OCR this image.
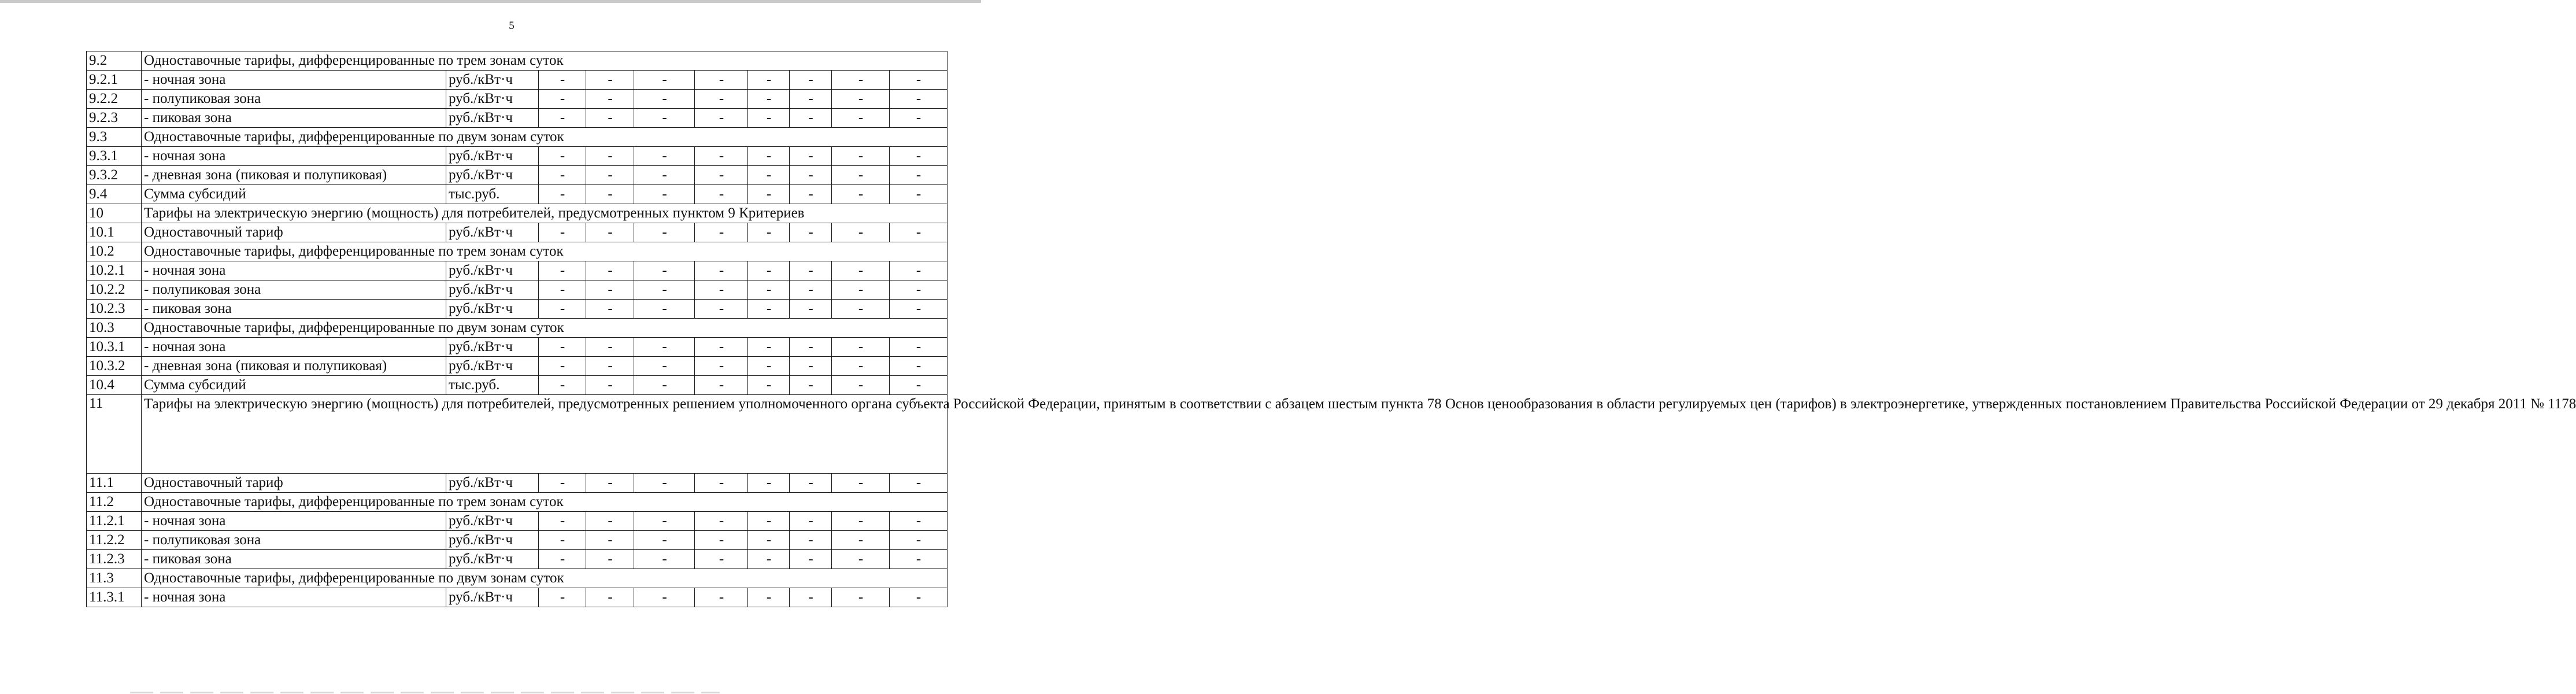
5
9.2	Одноставочные тарифы, дифференцированные по трем зонам суток									
9.2.1	- ночная зона	руб./кВт·ч	-	-	-	-	-	-	-	-
9.2.2	- полупиковая зона	руб./кВт·ч	-	-	-	-	-	-	-	-
9.2.3	- пиковая зона	руб./кВт·ч	-	-	-	-	-	-	-	-
9.3	Одноставочные тарифы, дифференцированные по двум зонам суток									
9.3.1	- ночная зона	руб./кВт·ч	-	-	-	-	-	-	-	-
9.3.2	- дневная зона (пиковая и полупиковая)	руб./кВт·ч	-	-	-	-	-	-	-	-
9.4	Сумма субсидий	тыс.руб.	-	-	-	-	-	-	-	-
10	Тарифы на электрическую энергию (мощность) для потребителей, предусмотренных пунктом 9 Критериев									
10.1	Одноставочный тариф	руб./кВт·ч	-	-	-	-	-	-	-	-
10.2	Одноставочные тарифы, дифференцированные по трем зонам суток									
10.2.1	- ночная зона	руб./кВт·ч	-	-	-	-	-	-	-	-
10.2.2	- полупиковая зона	руб./кВт·ч	-	-	-	-	-	-	-	-
10.2.3	- пиковая зона	руб./кВт·ч	-	-	-	-	-	-	-	-
10.3	Одноставочные тарифы, дифференцированные по двум зонам суток									
10.3.1	- ночная зона	руб./кВт·ч	-	-	-	-	-	-	-	-
10.3.2	- дневная зона (пиковая и полупиковая)	руб./кВт·ч	-	-	-	-	-	-	-	-
10.4	Сумма субсидий	тыс.руб.	-	-	-	-	-	-	-	-
11	Тарифы на электрическую энергию (мощность) для потребителей, предусмотренных решением уполномоченного органа субъекта Российской Федерации, принятым в соответствии с абзацем шестым пункта 78 Основ ценообразования в области регулируемых цен (тарифов) в электроэнергетике, утвержденных постановлением Правительства Российской Федерации от 29 декабря 2011 № 1178									
11.1	Одноставочный тариф	руб./кВт·ч	-	-	-	-	-	-	-	-
11.2	Одноставочные тарифы, дифференцированные по трем зонам суток									
11.2.1	- ночная зона	руб./кВт·ч	-	-	-	-	-	-	-	-
11.2.2	- полупиковая зона	руб./кВт·ч	-	-	-	-	-	-	-	-
11.2.3	- пиковая зона	руб./кВт·ч	-	-	-	-	-	-	-	-
11.3	Одноставочные тарифы, дифференцированные по двум зонам суток									
11.3.1	- ночная зона	руб./кВт·ч	-	-	-	-	-	-	-	-
